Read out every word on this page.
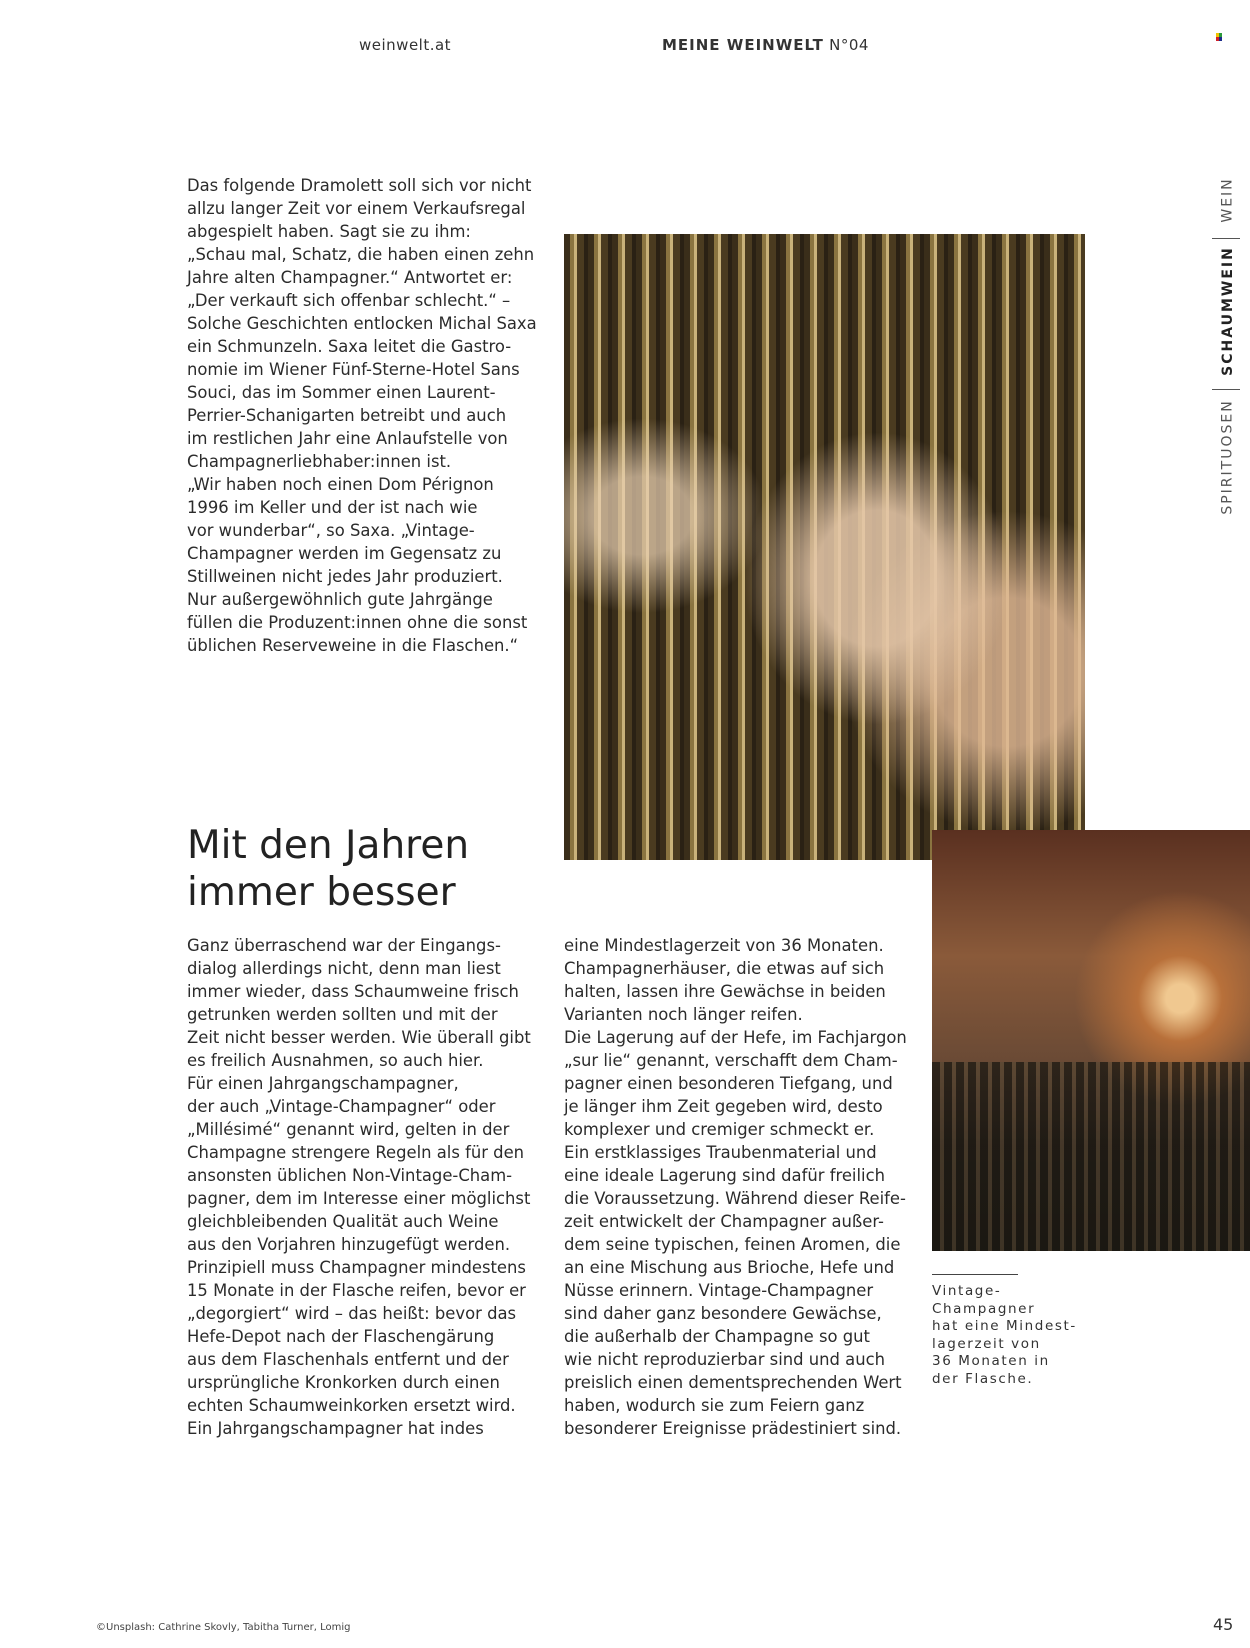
weinwelt.at	MEINE WEINWELT N°04
WEIN
SCHAUMWEIN
SPIRITUOSEN
Das folgende Dramolett soll sich vor nicht
allzu langer Zeit vor einem Verkaufsregal
abgespielt haben. Sagt sie zu ihm:
„Schau mal, Schatz, die haben einen zehn
Jahre alten Champagner.“ Antwortet er:
„Der verkauft sich offenbar schlecht.“ –
Solche Geschichten entlocken Michal Saxa
ein Schmunzeln. Saxa leitet die Gastro-
nomie im Wiener Fünf-Sterne-Hotel Sans
Souci, das im Sommer einen Laurent-
Perrier-Schanigarten betreibt und auch
im restlichen Jahr eine Anlaufstelle von
Champagnerliebhaber:innen ist.
„Wir haben noch einen Dom Pérignon
1996 im Keller und der ist nach wie
vor wunderbar“, so Saxa. „Vintage-
Champagner werden im Gegensatz zu
Stillweinen nicht jedes Jahr produziert.
Nur außergewöhnlich gute Jahrgänge
füllen die Produzent:innen ohne die sonst
üblichen Reserveweine in die Flaschen.“
Mit den Jahren
immer besser
Ganz überraschend war der Eingangs-
dialog allerdings nicht, denn man liest
immer wieder, dass Schaumweine frisch
getrunken werden sollten und mit der
Zeit nicht besser werden. Wie überall gibt
es freilich Ausnahmen, so auch hier.
Für einen Jahrgangschampagner,
der auch „Vintage-Champagner“ oder
„Millésimé“ genannt wird, gelten in der
Champagne strengere Regeln als für den
ansonsten üblichen Non-Vintage-Cham-
pagner, dem im Interesse einer möglichst
gleichbleibenden Qualität auch Weine
aus den Vorjahren hinzugefügt werden.
Prinzipiell muss Champagner mindestens
15 Monate in der Flasche reifen, bevor er
„degorgiert“ wird – das heißt: bevor das
Hefe-Depot nach der Flaschengärung
aus dem Flaschenhals entfernt und der
ursprüngliche Kronkorken durch einen
echten Schaumweinkorken ersetzt wird.
Ein Jahrgangschampagner hat indes
eine Mindestlagerzeit von 36 Monaten.
Champagnerhäuser, die etwas auf sich
halten, lassen ihre Gewächse in beiden
Varianten noch länger reifen.
Die Lagerung auf der Hefe, im Fachjargon
„sur lie“ genannt, verschafft dem Cham-
pagner einen besonderen Tiefgang, und
je länger ihm Zeit gegeben wird, desto
komplexer und cremiger schmeckt er.
Ein erstklassiges Traubenmaterial und
eine ideale Lagerung sind dafür freilich
die Voraussetzung. Während dieser Reife-
zeit entwickelt der Champagner außer-
dem seine typischen, feinen Aromen, die
an eine Mischung aus Brioche, Hefe und
Nüsse erinnern. Vintage-Champagner
sind daher ganz besondere Gewächse,
die außerhalb der Champagne so gut
wie nicht reproduzierbar sind und auch
preislich einen dementsprechenden Wert
haben, wodurch sie zum Feiern ganz
besonderer Ereignisse prädestiniert sind.
Vintage-
Champagner
hat eine Mindest-
lagerzeit von
36 Monaten in
der Flasche.
©Unsplash: Cathrine Skovly, Tabitha Turner, Lomig	45
